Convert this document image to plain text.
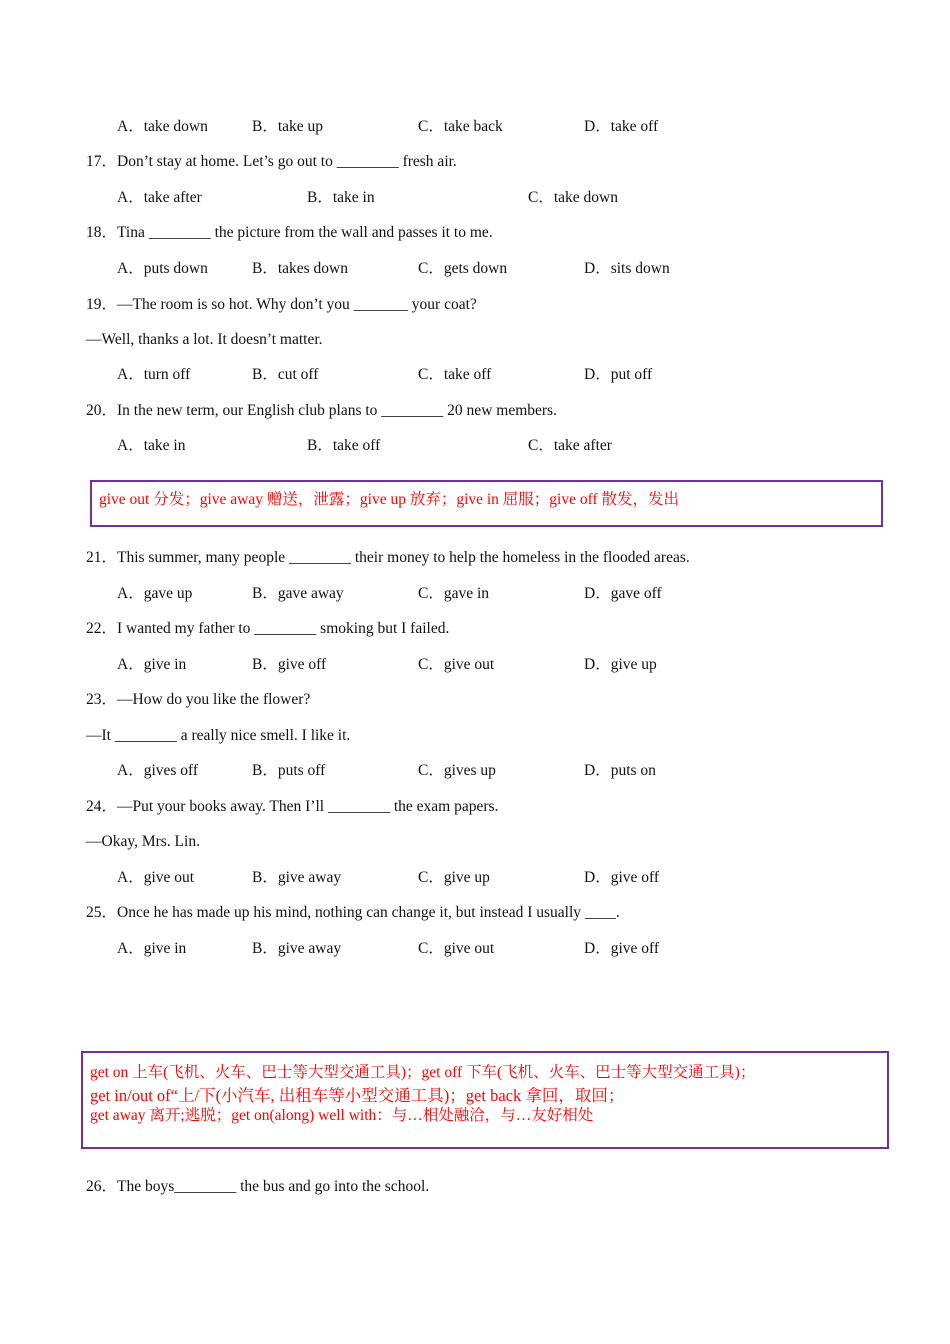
A．take down	B．take up	C．take back	D．take off
17．Don’t stay at home. Let’s go out to ________ fresh air.
A．take after	B．take in	C．take down
18．Tina ________ the picture from the wall and passes it to me.
A．puts down	B．takes down	C．gets down	D．sits down
19．—The room is so hot. Why don’t you _______ your coat?
—Well, thanks a lot. It doesn’t matter.
A．turn off	B．cut off	C．take off	D．put off
20．In the new term, our English club plans to ________ 20 new members.
A．take in	B．take off	C．take after
give out 分发；give away 赠送，泄露；give up 放弃；give in 屈服；give off 散发，发出
21．This summer, many people ________ their money to help the homeless in the flooded areas.
A．gave up	B．gave away	C．gave in	D．gave off
22．I wanted my father to ________ smoking but I failed.
A．give in	B．give off	C．give out	D．give up
23．—How do you like the flower?
—It ________ a really nice smell. I like it.
A．gives off	B．puts off	C．gives up	D．puts on
24．—Put your books away. Then I’ll ________ the exam papers.
—Okay, Mrs. Lin.
A．give out	B．give away	C．give up	D．give off
25．Once he has made up his mind, nothing can change it, but instead I usually ____.
A．give in	B．give away	C．give out	D．give off
get on 上车(飞机、火车、巴士等大型交通工具)；get off 下车(飞机、火车、巴士等大型交通工具)；
get in/out of“上/下(小汽车, 出租车等小型交通工具)；get back 拿回，取回；
get away 离开;逃脱；get on(along) well with：与…相处融洽，与…友好相处
26．The boys________ the bus and go into the school.
